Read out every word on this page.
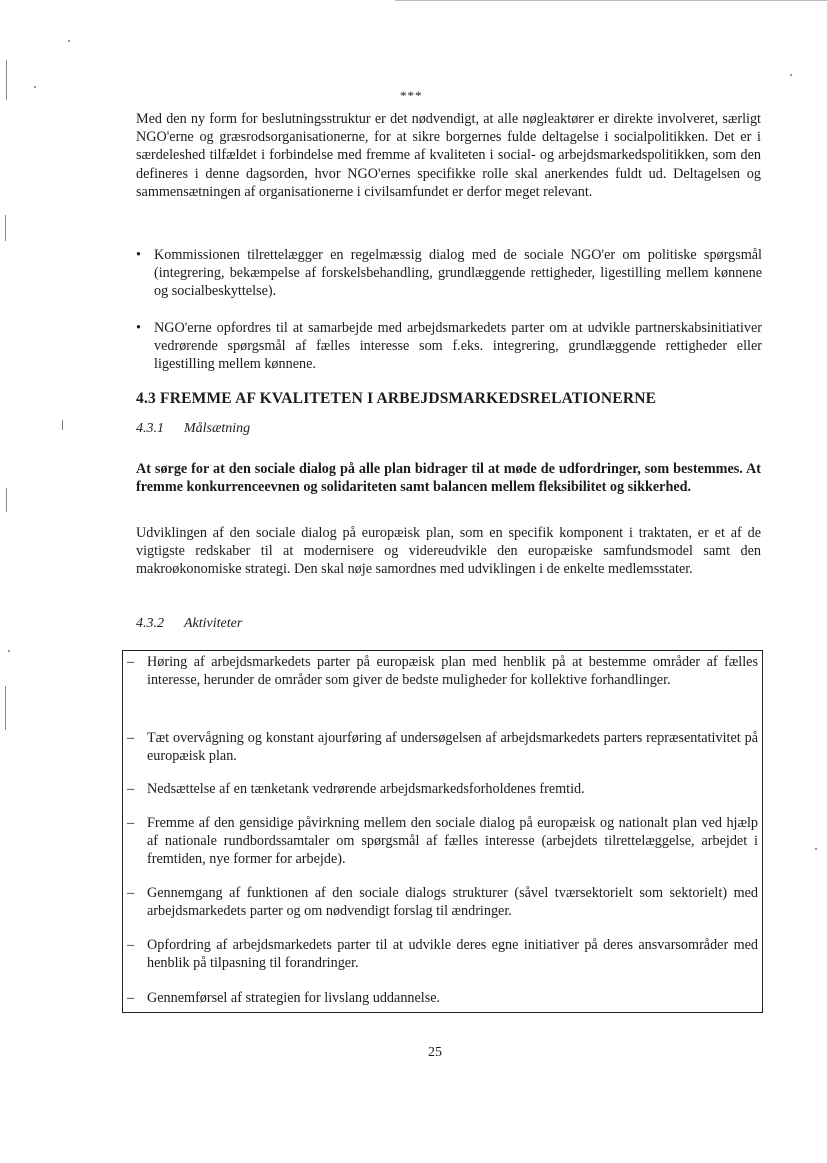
***

Med den ny form for beslutningsstruktur er det nødvendigt, at alle nøgleaktører er direkte involveret, særligt NGO'erne og græsrodsorganisationerne, for at sikre borgernes fulde deltagelse i socialpolitikken. Det er i særdeleshed tilfældet i forbindelse med fremme af kvaliteten i social- og arbejdsmarkedspolitikken, som den defineres i denne dagsorden, hvor NGO'ernes specifikke rolle skal anerkendes fuldt ud. Deltagelsen og sammensætningen af organisationerne i civilsamfundet er derfor meget relevant.

• Kommissionen tilrettelægger en regelmæssig dialog med de sociale NGO'er om politiske spørgsmål (integrering, bekæmpelse af forskelsbehandling, grundlæggende rettigheder, ligestilling mellem kønnene og socialbeskyttelse).
• NGO'erne opfordres til at samarbejde med arbejdsmarkedets parter om at udvikle partnerskabsinitiativer vedrørende spørgsmål af fælles interesse som f.eks. integrering, grundlæggende rettigheder eller ligestilling mellem kønnene.
4.3 FREMME AF KVALITETEN I ARBEJDSMARKEDSRELATIONERNE
4.3.1 Målsætning

At sørge for at den sociale dialog på alle plan bidrager til at møde de udfordringer, som bestemmes. At fremme konkurrenceevnen og solidariteten samt balancen mellem fleksibilitet og sikkerhed.

Udviklingen af den sociale dialog på europæisk plan, som en specifik komponent i traktaten, er et af de vigtigste redskaber til at modernisere og videreudvikle den europæiske samfundsmodel samt den makroøkonomiske strategi. Den skal nøje samordnes med udviklingen i de enkelte medlemsstater.

4.3.2 Aktiviteter
– Høring af arbejdsmarkedets parter på europæisk plan med henblik på at bestemme områder af fælles interesse, herunder de områder som giver de bedste muligheder for kollektive forhandlinger.
– Tæt overvågning og konstant ajourføring af undersøgelsen af arbejdsmarkedets parters repræsentativitet på europæisk plan.
– Nedsættelse af en tænketank vedrørende arbejdsmarkedsforholdenes fremtid.
– Fremme af den gensidige påvirkning mellem den sociale dialog på europæisk og nationalt plan ved hjælp af nationale rundbordssamtaler om spørgsmål af fælles interesse (arbejdets tilrettelæggelse, arbejdet i fremtiden, nye former for arbejde).
– Gennemgang af funktionen af den sociale dialogs strukturer (såvel tværsektorielt som sektorielt) med arbejdsmarkedets parter og om nødvendigt forslag til ændringer.
– Opfordring af arbejdsmarkedets parter til at udvikle deres egne initiativer på deres ansvarsområder med henblik på tilpasning til forandringer.
– Gennemførsel af strategien for livslang uddannelse.
25
